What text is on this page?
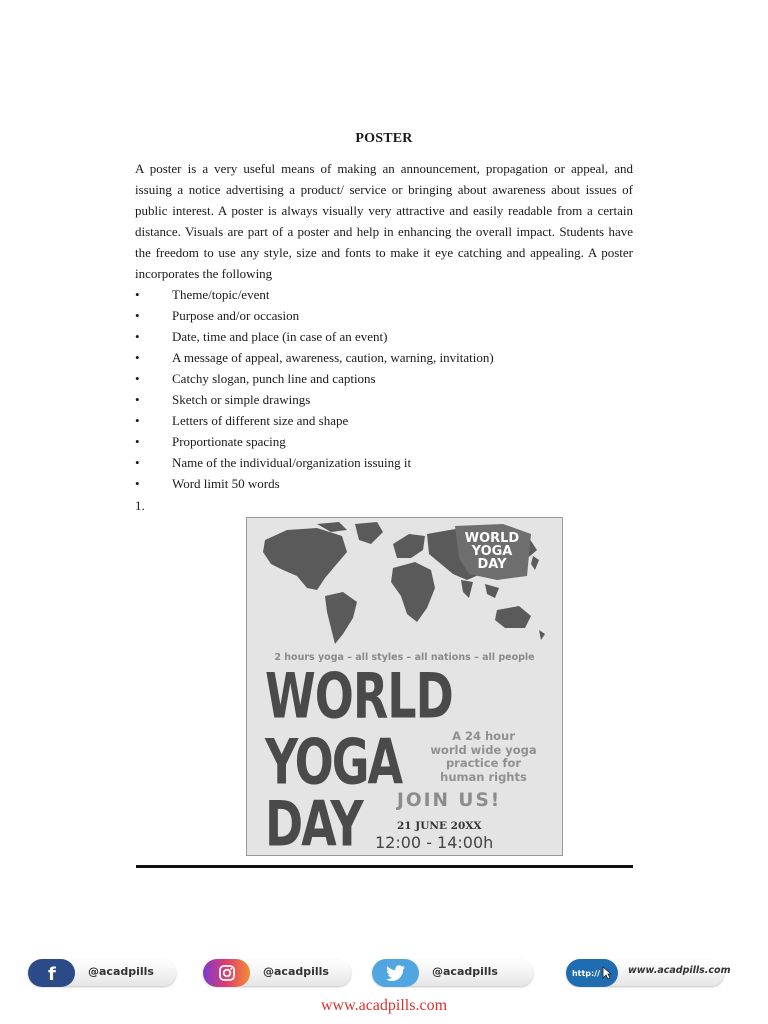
POSTER

A poster is a very useful means of making an announcement, propagation or appeal, and issuing a notice advertising a product/ service or bringing about awareness about issues of public interest. A poster is always visually very attractive and easily readable from a certain distance. Visuals are part of a poster and help in enhancing the overall impact. Students have the freedom to use any style, size and fonts to make it eye catching and appealing. A poster incorporates the following

• Theme/topic/event
• Purpose and/or occasion
• Date, time and place (in case of an event)
• A message of appeal, awareness, caution, warning, invitation)
• Catchy slogan, punch line and captions
• Sketch or simple drawings
• Letters of different size and shape
• Proportionate spacing
• Name of the individual/organization issuing it
• Word limit 50 words
1.
WORLD
YOGA
DAY
2 hours yoga – all styles – all nations – all people
WORLD
YOGA
DAY
A 24 hour
world wide yoga
practice for
human rights
JOIN US!
21 JUNE 20XX
12:00 - 14:00h
f	@acadpills	@acadpills	@acadpills	http://	www.acadpills.com
www.acadpills.com
